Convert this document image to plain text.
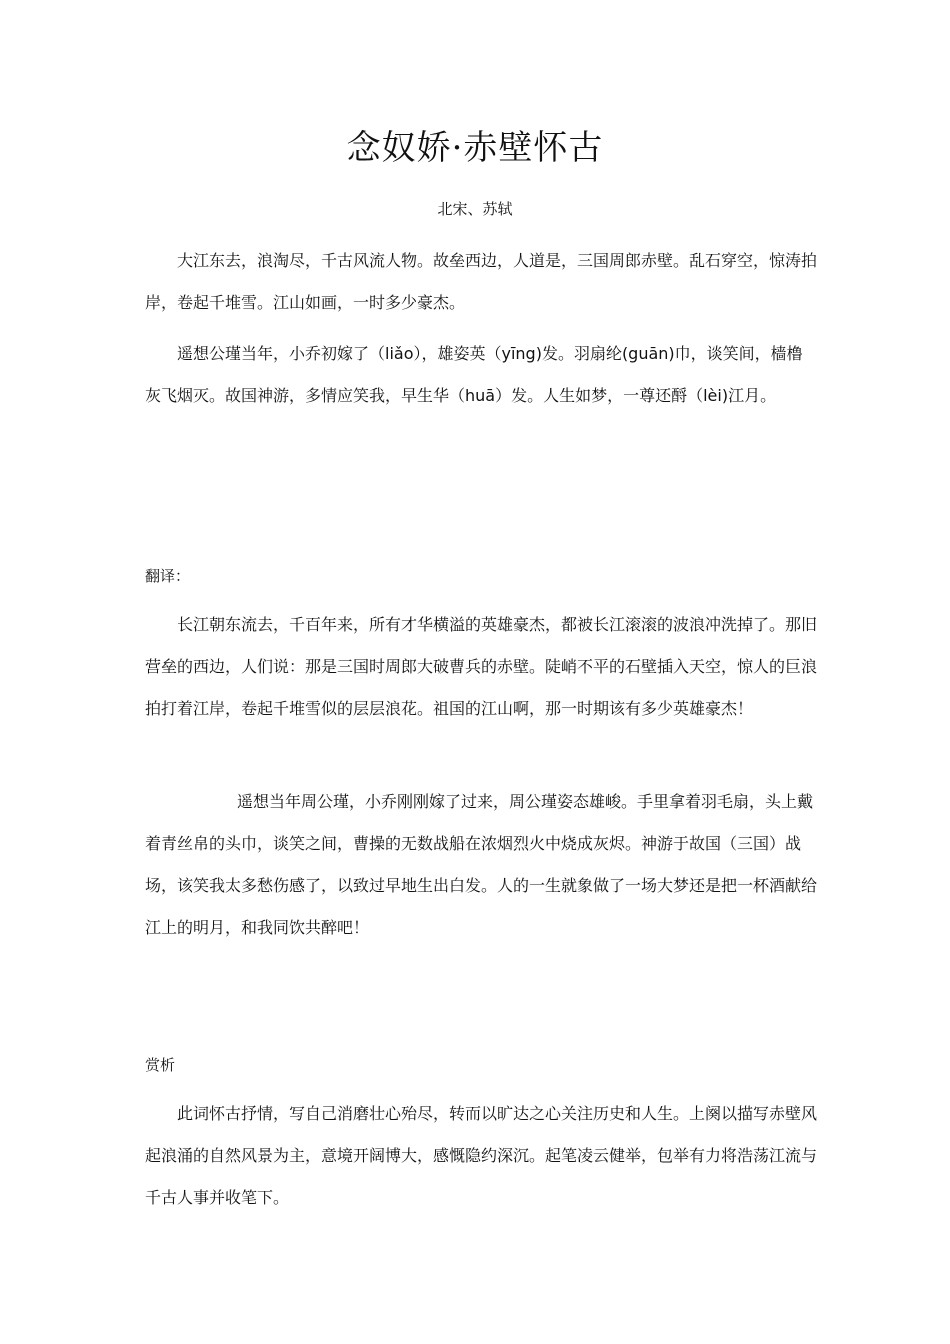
念奴娇·赤壁怀古
北宋、苏轼

大江东去，浪淘尽，千古风流人物。故垒西边，人道是，三国周郎赤壁。乱石穿空，惊涛拍岸，卷起千堆雪。江山如画，一时多少豪杰。

遥想公瑾当年，小乔初嫁了（liǎo），雄姿英（yīng)发。羽扇纶(guān)巾，谈笑间，樯橹灰飞烟灭。故国神游，多情应笑我，早生华（huā）发。人生如梦，一尊还酹（lèi)江月。

翻译：

长江朝东流去，千百年来，所有才华横溢的英雄豪杰，都被长江滚滚的波浪冲洗掉了。那旧营垒的西边，人们说：那是三国时周郎大破曹兵的赤壁。陡峭不平的石壁插入天空，惊人的巨浪拍打着江岸，卷起千堆雪似的层层浪花。祖国的江山啊，那一时期该有多少英雄豪杰！

遥想当年周公瑾，小乔刚刚嫁了过来，周公瑾姿态雄峻。手里拿着羽毛扇，头上戴着青丝帛的头巾，谈笑之间，曹操的无数战船在浓烟烈火中烧成灰烬。神游于故国（三国）战场，该笑我太多愁伤感了，以致过早地生出白发。人的一生就象做了一场大梦还是把一杯酒献给江上的明月，和我同饮共醉吧！

赏析

此词怀古抒情，写自己消磨壮心殆尽，转而以旷达之心关注历史和人生。上阕以描写赤壁风起浪涌的自然风景为主，意境开阔博大，感慨隐约深沉。起笔凌云健举，包举有力将浩荡江流与千古人事并收笔下。
